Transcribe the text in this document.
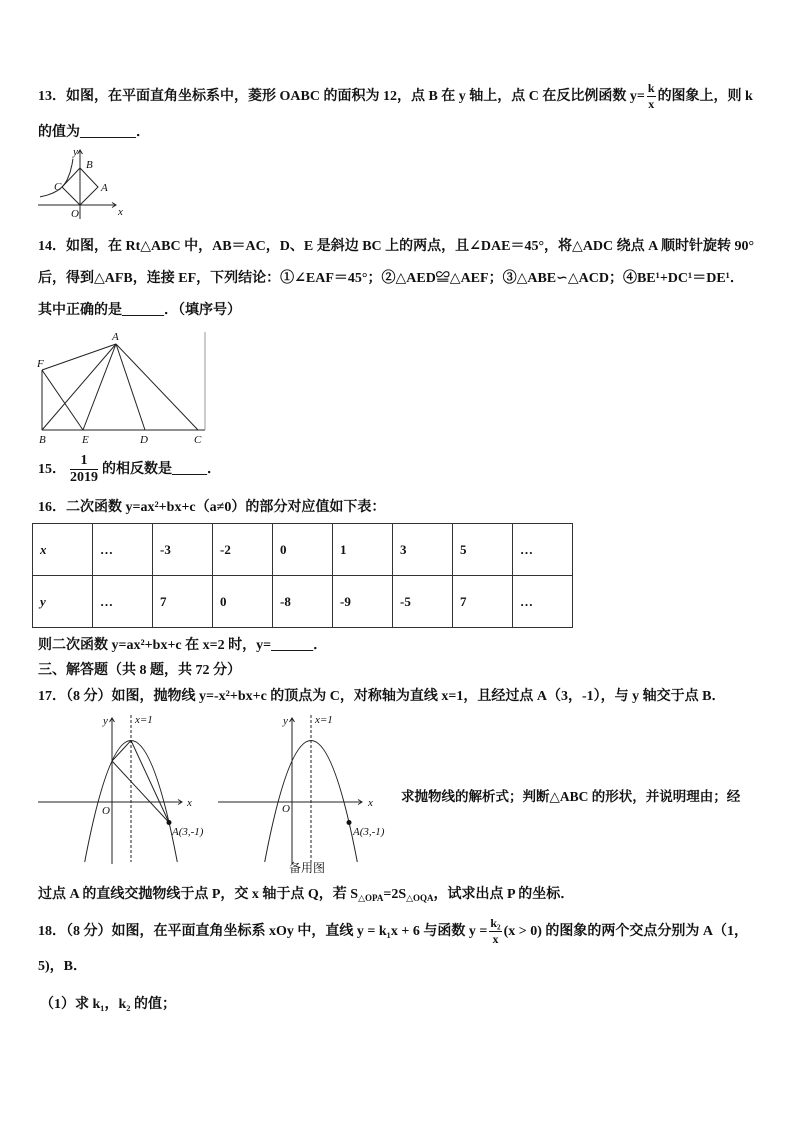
13．如图，在平面直角坐标系中，菱形 OABC 的面积为 12，点 B 在 y 轴上，点 C 在反比例函数 $y= \frac{k}{x}$ 的图象上，则 k
的值为________．
y
B
C	A
O	x
14．如图，在 Rt△ABC 中，AB＝AC，D、E 是斜边 BC 上的两点，且∠DAE＝45°，将△ADC 绕点 A 顺时针旋转 90°
后，得到△AFB，连接 EF，下列结论：①∠EAF＝45°；②△AED≌△AEF；③△ABE∽△ACD；④BE¹+DC¹＝DE¹．
其中正确的是______．（填序号）
A
F
B	E	D	C
15． $\frac{1}{2019}$ 的相反数是_____．
16．二次函数 y=ax²+bx+c（a≠0）的部分对应值如下表：
x	…	-3	-2	0	1	3	5	…
y	…	7	0	-8	-9	-5	7	…
则二次函数 y=ax²+bx+c 在 x=2 时，y=______．
三、解答题（共 8 题，共 72 分）
17．（8 分）如图，抛物线 y=-x²+bx+c 的顶点为 C，对称轴为直线 x=1，且经过点 A（3，-1），与 y 轴交于点 B．
y x=1
x
O
A(3,-1)
y x=1
x
O
A(3,-1)
备用图
求抛物线的解析式；判断△ABC 的形状，并说明理由；经
过点 A 的直线交抛物线于点 P，交 x 轴于点 Q，若 $S_{\triangle OPA}=2S_{\triangle OQA}$，试求出点 P 的坐标．
18．（8 分）如图，在平面直角坐标系 xOy 中，直线 y = k₁x + 6 与函数 $y = \frac{\text{k₂}}{x} (x > 0)$ 的图象的两个交点分别为 A（1，
5)，B．
（1）求 k₁，k₂ 的值；
